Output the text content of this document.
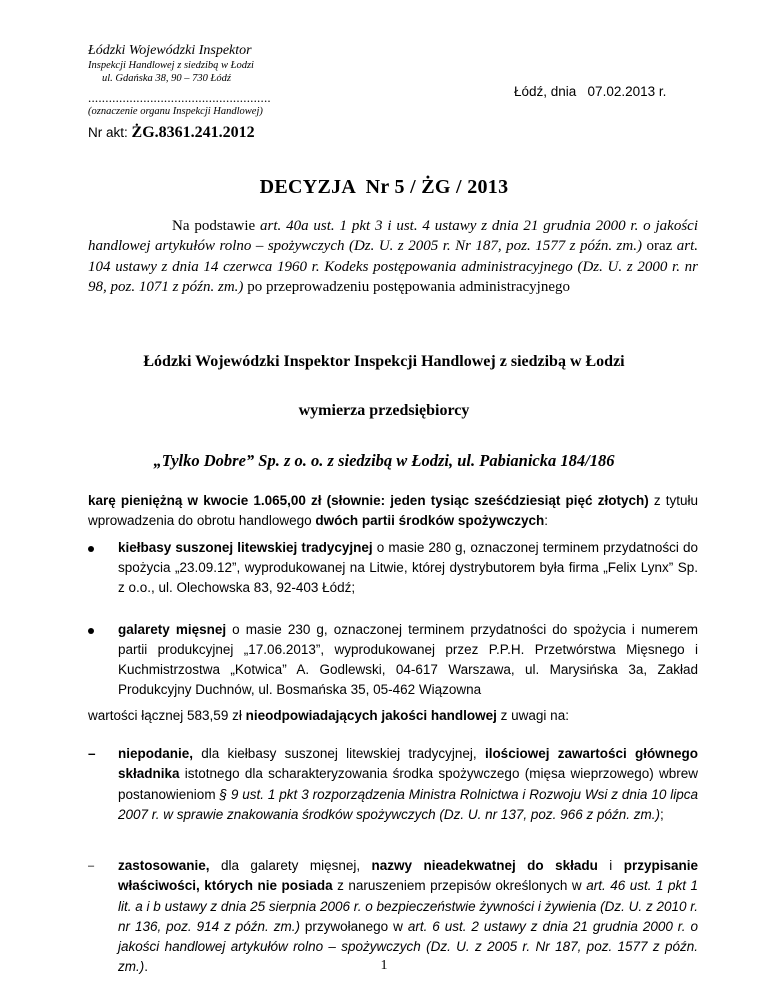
Łódzki Wojewódzki Inspektor
Inspekcji Handlowej z siedzibą w Łodzi
ul. Gdańska 38, 90 – 730 Łódź
.....................................................
(oznaczenie organu Inspekcji Handlowej)
Łódź, dnia   07.02.2013 r.
Nr akt: ŻG.8361.241.2012
DECYZJA  Nr 5 / ŻG / 2013
Na podstawie art. 40a ust. 1 pkt 3 i ust. 4 ustawy z dnia 21 grudnia 2000 r. o jakości handlowej artykułów rolno – spożywczych (Dz. U. z 2005 r. Nr 187, poz. 1577 z późn. zm.) oraz art. 104 ustawy z dnia 14 czerwca 1960 r. Kodeks postępowania administracyjnego (Dz. U. z 2000 r. nr 98, poz. 1071 z późn. zm.) po przeprowadzeniu postępowania administracyjnego
Łódzki Wojewódzki Inspektor Inspekcji Handlowej z siedzibą w Łodzi
wymierza przedsiębiorcy
„Tylko Dobre” Sp. z o. o. z siedzibą w Łodzi, ul. Pabianicka 184/186
karę pieniężną w kwocie 1.065,00 zł (słownie: jeden tysiąc sześćdziesiąt pięć złotych) z tytułu wprowadzenia do obrotu handlowego dwóch partii środków spożywczych:
kiełbasy suszonej litewskiej tradycyjnej o masie 280 g, oznaczonej terminem przydatności do spożycia „23.09.12”, wyprodukowanej na Litwie, której dystrybutorem była firma „Felix Lynx” Sp. z o.o., ul. Olechowska 83, 92-403 Łódź;
galarety mięsnej o masie 230 g, oznaczonej terminem przydatności do spożycia i numerem partii produkcyjnej „17.06.2013”, wyprodukowanej przez P.P.H. Przetwórstwa Mięsnego i Kuchmistrzostwa „Kotwica” A. Godlewski, 04-617 Warszawa, ul. Marysińska 3a, Zakład Produkcyjny Duchnów, ul. Bosmańska 35, 05-462 Wiązowna
wartości łącznej 583,59 zł nieodpowiadających jakości handlowej z uwagi na:
– niepodanie, dla kiełbasy suszonej litewskiej tradycyjnej, ilościowej zawartości głównego składnika istotnego dla scharakteryzowania środka spożywczego (mięsa wieprzowego) wbrew postanowieniom § 9 ust. 1 pkt 3 rozporządzenia Ministra Rolnictwa i Rozwoju Wsi z dnia 10 lipca 2007 r. w sprawie znakowania środków spożywczych (Dz. U. nr 137, poz. 966 z późn. zm.);
– zastosowanie, dla galarety mięsnej, nazwy nieadekwatnej do składu i przypisanie właściwości, których nie posiada z naruszeniem przepisów określonych w art. 46 ust. 1 pkt 1 lit. a i b ustawy z dnia 25 sierpnia 2006 r. o bezpieczeństwie żywności i żywienia (Dz. U. z 2010 r. nr 136, poz. 914 z późn. zm.) przywołanego w art. 6 ust. 2 ustawy z dnia 21 grudnia 2000 r. o jakości handlowej artykułów rolno – spożywczych (Dz. U. z 2005 r. Nr 187, poz. 1577 z późn. zm.).	1
